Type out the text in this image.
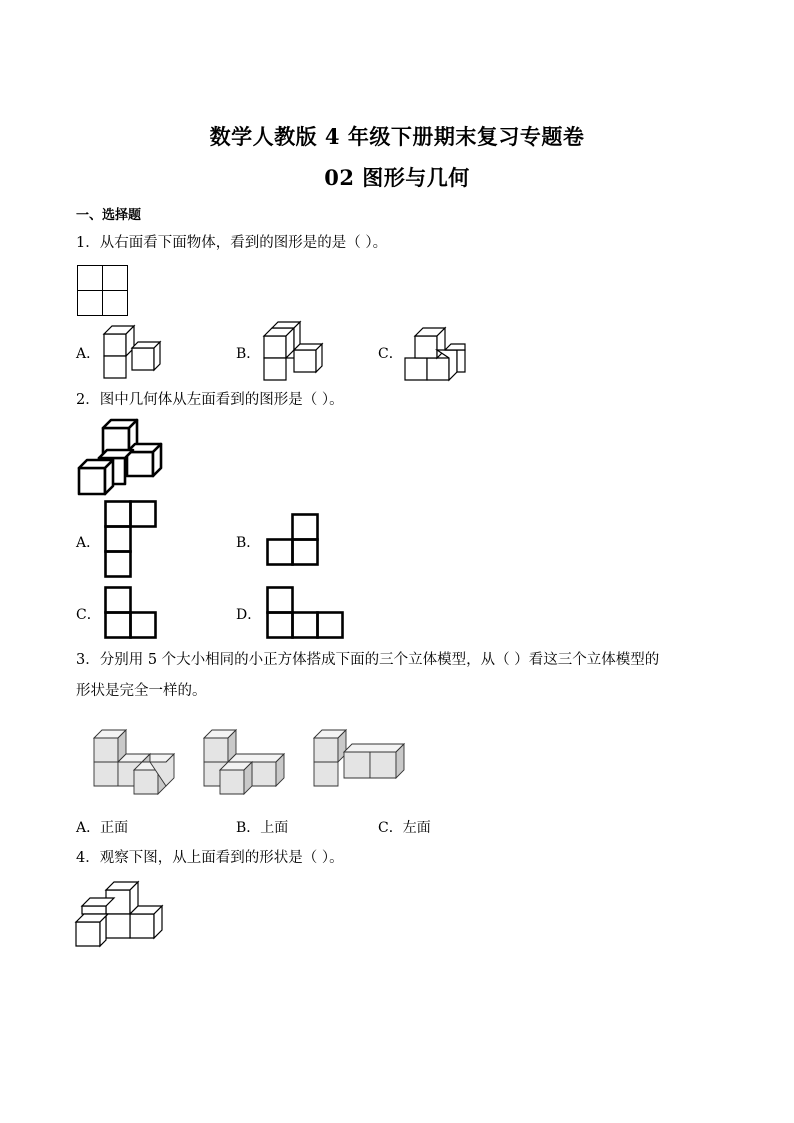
数学人教版 4 年级下册期末复习专题卷
02 图形与几何
一、选择题
1．从右面看下面物体，看到的图形是的是（ ）。
A．	B．	C．
2．图中几何体从左面看到的图形是（ ）。
A．	B．
C．	D．
3．分别用 5 个大小相同的小正方体搭成下面的三个立体模型，从（ ）看这三个立体模型的
形状是完全一样的。
A．正面	B．上面	C．左面
4．观察下图，从上面看到的形状是（ ）。
